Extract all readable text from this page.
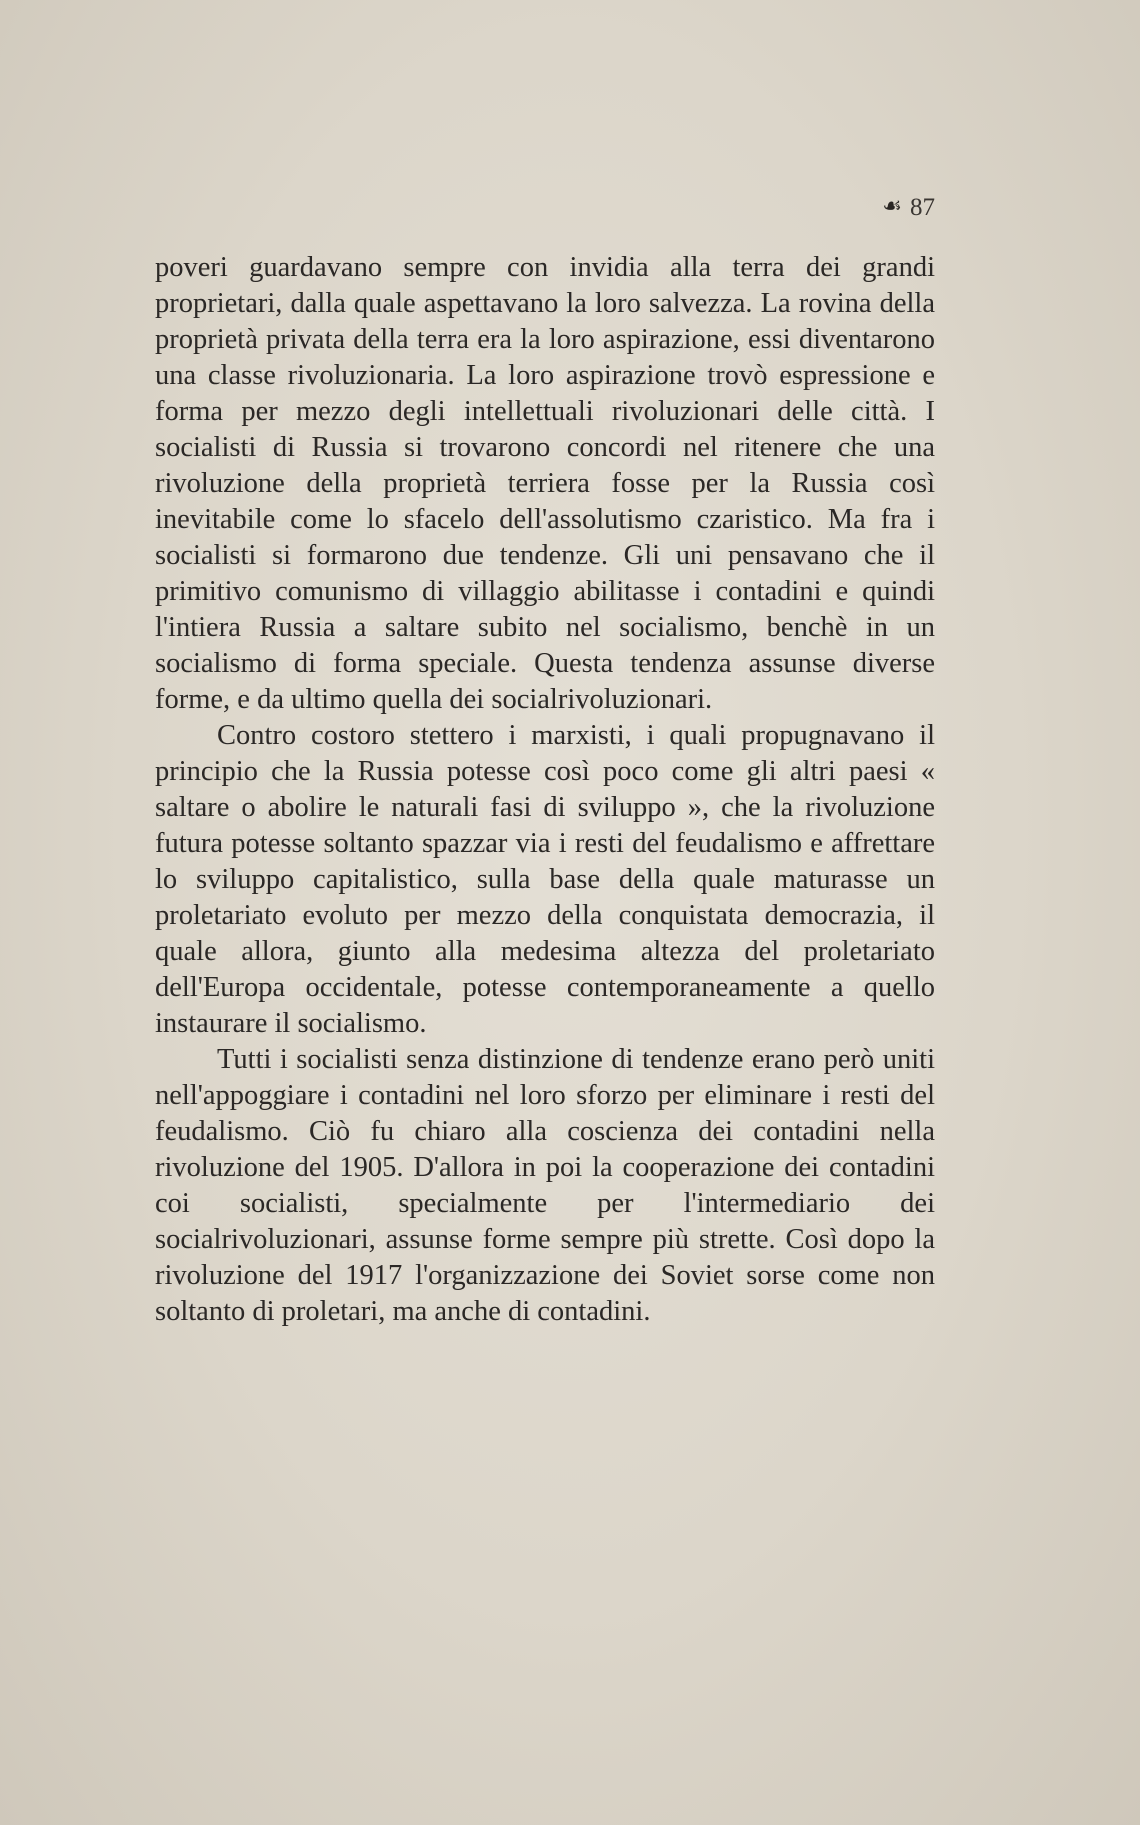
☙ 87

poveri guardavano sempre con invidia alla terra dei grandi proprietari, dalla quale aspettavano la loro salvezza. La rovina della proprietà privata della terra era la loro aspirazione, essi diventarono una classe rivoluzionaria. La loro aspirazione trovò espressione e forma per mezzo degli intellettuali rivoluzionari delle città. I socialisti di Russia si trovarono concordi nel ritenere che una rivoluzione della proprietà terriera fosse per la Russia così inevitabile come lo sfacelo dell'assolutismo czaristico. Ma fra i socialisti si formarono due tendenze. Gli uni pensavano che il primitivo comunismo di villaggio abilitasse i contadini e quindi l'intiera Russia a saltare subito nel socialismo, benchè in un socialismo di forma speciale. Questa tendenza assunse diverse forme, e da ultimo quella dei socialrivoluzionari.

Contro costoro stettero i marxisti, i quali propugnavano il principio che la Russia potesse così poco come gli altri paesi « saltare o abolire le naturali fasi di sviluppo », che la rivoluzione futura potesse soltanto spazzar via i resti del feudalismo e affrettare lo sviluppo capitalistico, sulla base della quale maturasse un proletariato evoluto per mezzo della conquistata democrazia, il quale allora, giunto alla medesima altezza del proletariato dell'Europa occidentale, potesse contemporaneamente a quello instaurare il socialismo.

Tutti i socialisti senza distinzione di tendenze erano però uniti nell'appoggiare i contadini nel loro sforzo per eliminare i resti del feudalismo. Ciò fu chiaro alla coscienza dei contadini nella rivoluzione del 1905. D'allora in poi la cooperazione dei contadini coi socialisti, specialmente per l'intermediario dei socialrivoluzionari, assunse forme sempre più strette. Così dopo la rivoluzione del 1917 l'organizzazione dei Soviet sorse come non soltanto di proletari, ma anche di contadini.
